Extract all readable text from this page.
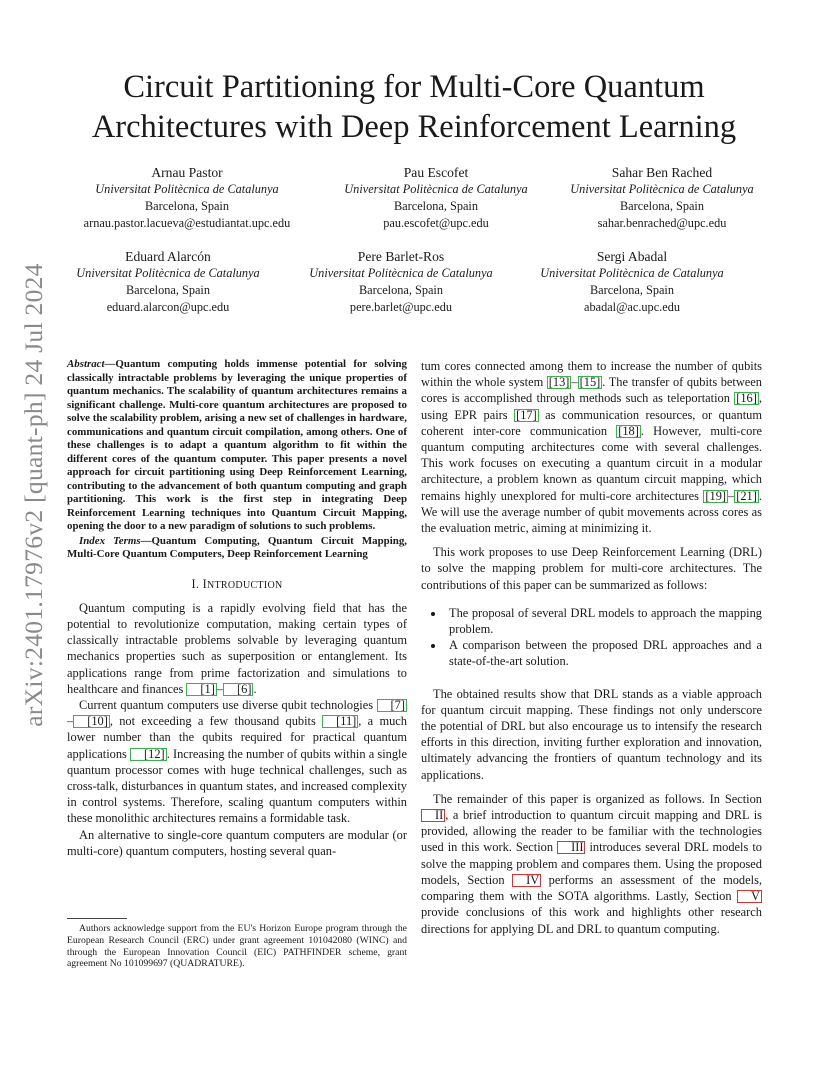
arXiv:2401.17976v2 [quant-ph] 24 Jul 2024
Circuit Partitioning for Multi-Core Quantum
Architectures with Deep Reinforcement Learning
Arnau Pastor
Universitat Politècnica de Catalunya
Barcelona, Spain
arnau.pastor.lacueva@estudiantat.upc.edu
Pau Escofet
Universitat Politècnica de Catalunya
Barcelona, Spain
pau.escofet@upc.edu
Sahar Ben Rached
Universitat Politècnica de Catalunya
Barcelona, Spain
sahar.benrached@upc.edu
Eduard Alarcón
Universitat Politècnica de Catalunya
Barcelona, Spain
eduard.alarcon@upc.edu
Pere Barlet-Ros
Universitat Politècnica de Catalunya
Barcelona, Spain
pere.barlet@upc.edu
Sergi Abadal
Universitat Politècnica de Catalunya
Barcelona, Spain
abadal@ac.upc.edu

Abstract—Quantum computing holds immense potential for solving classically intractable problems by leveraging the unique properties of quantum mechanics. The scalability of quantum architectures remains a significant challenge. Multi-core quantum architectures are proposed to solve the scalability problem, arising a new set of challenges in hardware, communications and quantum circuit compilation, among others. One of these challenges is to adapt a quantum algorithm to fit within the different cores of the quantum computer. This paper presents a novel approach for circuit partitioning using Deep Reinforcement Learning, contributing to the advancement of both quantum computing and graph partitioning. This work is the first step in integrating Deep Reinforcement Learning techniques into Quantum Circuit Mapping, opening the door to a new paradigm of solutions to such problems.

Index Terms—Quantum Computing, Quantum Circuit Mapping, Multi-Core Quantum Computers, Deep Reinforcement Learning

I. INTRODUCTION

Quantum computing is a rapidly evolving field that has the potential to revolutionize computation, making certain types of classically intractable problems solvable by leveraging quantum mechanics properties such as superposition or entanglement. Its applications range from prime factorization and simulations to healthcare and finances [1] – [6] .

Current quantum computers use diverse qubit technologies [7]– [10] , not exceeding a few thousand qubits [11] , a much lower number than the qubits required for practical quantum applications [12] . Increasing the number of qubits within a single quantum processor comes with huge technical challenges, such as cross-talk, disturbances in quantum states, and increased complexity in control systems. Therefore, scaling quantum computers within these monolithic architectures remains a formidable task.

An alternative to single-core quantum computers are modular (or multi-core) quantum computers, hosting several quan-

Authors acknowledge support from the EU's Horizon Europe program through the European Research Council (ERC) under grant agreement 101042080 (WINC) and through the European Innovation Council (EIC) PATHFINDER scheme, grant agreement No 101099697 (QUADRATURE).

tum cores connected among them to increase the number of qubits within the whole system [13] – [15] . The transfer of qubits between cores is accomplished through methods such as teleportation [16] , using EPR pairs [17] as communication resources, or quantum coherent inter-core communication [18] . However, multi-core quantum computing architectures come with several challenges. This work focuses on executing a quantum circuit in a modular architecture, a problem known as quantum circuit mapping, which remains highly unexplored for multi-core architectures [19] – [21] . We will use the average number of qubit movements across cores as the evaluation metric, aiming at minimizing it.

This work proposes to use Deep Reinforcement Learning (DRL) to solve the mapping problem for multi-core architectures. The contributions of this paper can be summarized as follows:

The proposal of several DRL models to approach the mapping problem.
A comparison between the proposed DRL approaches and a state-of-the-art solution.

The obtained results show that DRL stands as a viable approach for quantum circuit mapping. These findings not only underscore the potential of DRL but also encourage us to intensify the research efforts in this direction, inviting further exploration and innovation, ultimately advancing the frontiers of quantum technology and its applications.

The remainder of this paper is organized as follows. In Section II , a brief introduction to quantum circuit mapping and DRL is provided, allowing the reader to be familiar with the technologies used in this work. Section III introduces several DRL models to solve the mapping problem and compares them. Using the proposed models, Section IV performs an assessment of the models, comparing them with the SOTA algorithms. Lastly, Section V provide conclusions of this work and highlights other research directions for applying DL and DRL to quantum computing.
